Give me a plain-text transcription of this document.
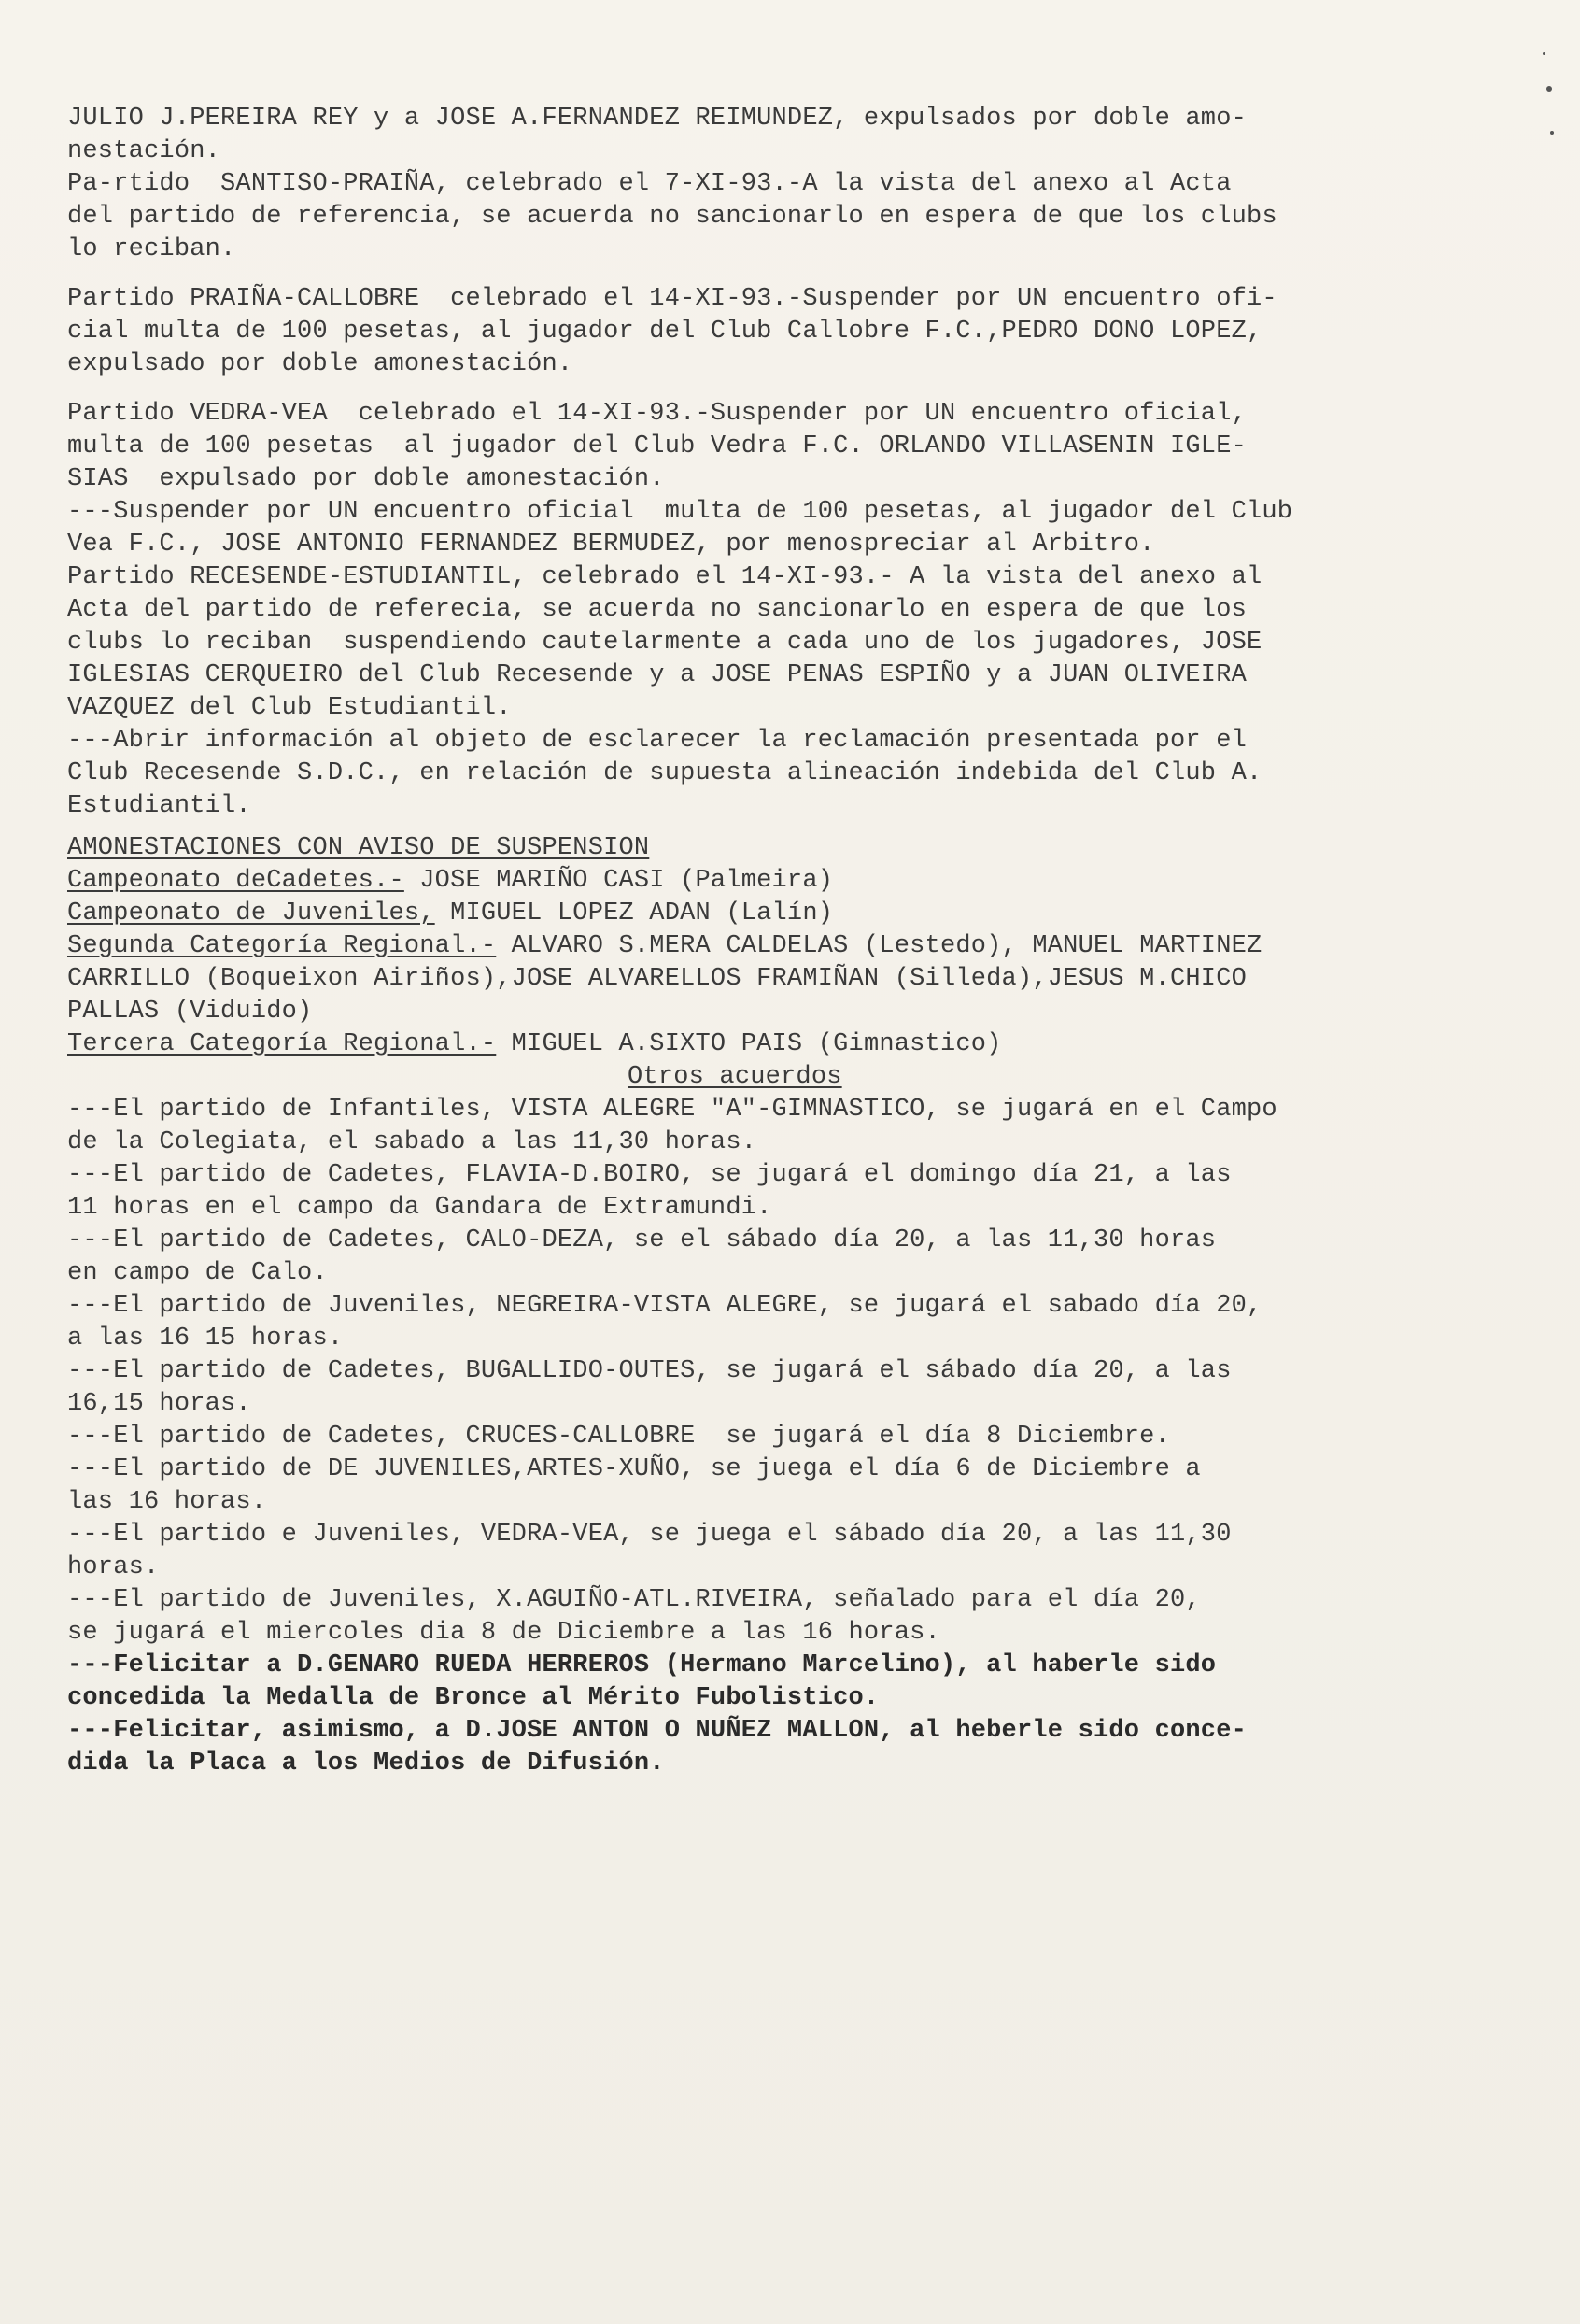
JULIO J.PEREIRA REY y a JOSE A.FERNANDEZ REIMUNDEZ, expulsados por doble amo-

nestación.

Pa-rtido  SANTISO-PRAIÑA, celebrado el 7-XI-93.-A la vista del anexo al Acta

del partido de referencia, se acuerda no sancionarlo en espera de que los clubs

lo reciban.

Partido PRAIÑA-CALLOBRE  celebrado el 14-XI-93.-Suspender por UN encuentro ofi-

cial multa de 100 pesetas, al jugador del Club Callobre F.C.,PEDRO DONO LOPEZ,

expulsado por doble amonestación.

Partido VEDRA-VEA  celebrado el 14-XI-93.-Suspender por UN encuentro oficial,

multa de 100 pesetas  al jugador del Club Vedra F.C. ORLANDO VILLASENIN IGLE-

SIAS  expulsado por doble amonestación.

---Suspender por UN encuentro oficial  multa de 100 pesetas, al jugador del Club

Vea F.C., JOSE ANTONIO FERNANDEZ BERMUDEZ, por menospreciar al Arbitro.

Partido RECESENDE-ESTUDIANTIL, celebrado el 14-XI-93.- A la vista del anexo al

Acta del partido de referecia, se acuerda no sancionarlo en espera de que los

clubs lo reciban  suspendiendo cautelarmente a cada uno de los jugadores, JOSE

IGLESIAS CERQUEIRO del Club Recesende y a JOSE PENAS ESPIÑO y a JUAN OLIVEIRA

VAZQUEZ del Club Estudiantil.

---Abrir información al objeto de esclarecer la reclamación presentada por el

Club Recesende S.D.C., en relación de supuesta alineación indebida del Club A.

Estudiantil.

AMONESTACIONES CON AVISO DE SUSPENSION

Campeonato deCadetes.- JOSE MARIÑO CASI (Palmeira)

Campeonato de Juveniles, MIGUEL LOPEZ ADAN (Lalín)

Segunda Categoría Regional.- ALVARO S.MERA CALDELAS (Lestedo), MANUEL MARTINEZ

CARRILLO (Boqueixon Airiños),JOSE ALVARELLOS FRAMIÑAN (Silleda),JESUS M.CHICO

PALLAS (Viduido)

Tercera Categoría Regional.- MIGUEL A.SIXTO PAIS (Gimnastico)

Otros acuerdos

---El partido de Infantiles, VISTA ALEGRE "A"-GIMNASTICO, se jugará en el Campo

de la Colegiata, el sabado a las 11,30 horas.

---El partido de Cadetes, FLAVIA-D.BOIRO, se jugará el domingo día 21, a las

11 horas en el campo da Gandara de Extramundi.

---El partido de Cadetes, CALO-DEZA, se el sábado día 20, a las 11,30 horas

en campo de Calo.

---El partido de Juveniles, NEGREIRA-VISTA ALEGRE, se jugará el sabado día 20,

a las 16 15 horas.

---El partido de Cadetes, BUGALLIDO-OUTES, se jugará el sábado día 20, a las

16,15 horas.

---El partido de Cadetes, CRUCES-CALLOBRE  se jugará el día 8 Diciembre.

---El partido de DE JUVENILES,ARTES-XUÑO, se juega el día 6 de Diciembre a

las 16 horas.

---El partido e Juveniles, VEDRA-VEA, se juega el sábado día 20, a las 11,30

horas.

---El partido de Juveniles, X.AGUIÑO-ATL.RIVEIRA, señalado para el día 20,

se jugará el miercoles dia 8 de Diciembre a las 16 horas.

---Felicitar a D.GENARO RUEDA HERREROS (Hermano Marcelino), al haberle sido

concedida la Medalla de Bronce al Mérito Fubolistico.

---Felicitar, asimismo, a D.JOSE ANTON O NUÑEZ MALLON, al heberle sido conce-

dida la Placa a los Medios de Difusión.
